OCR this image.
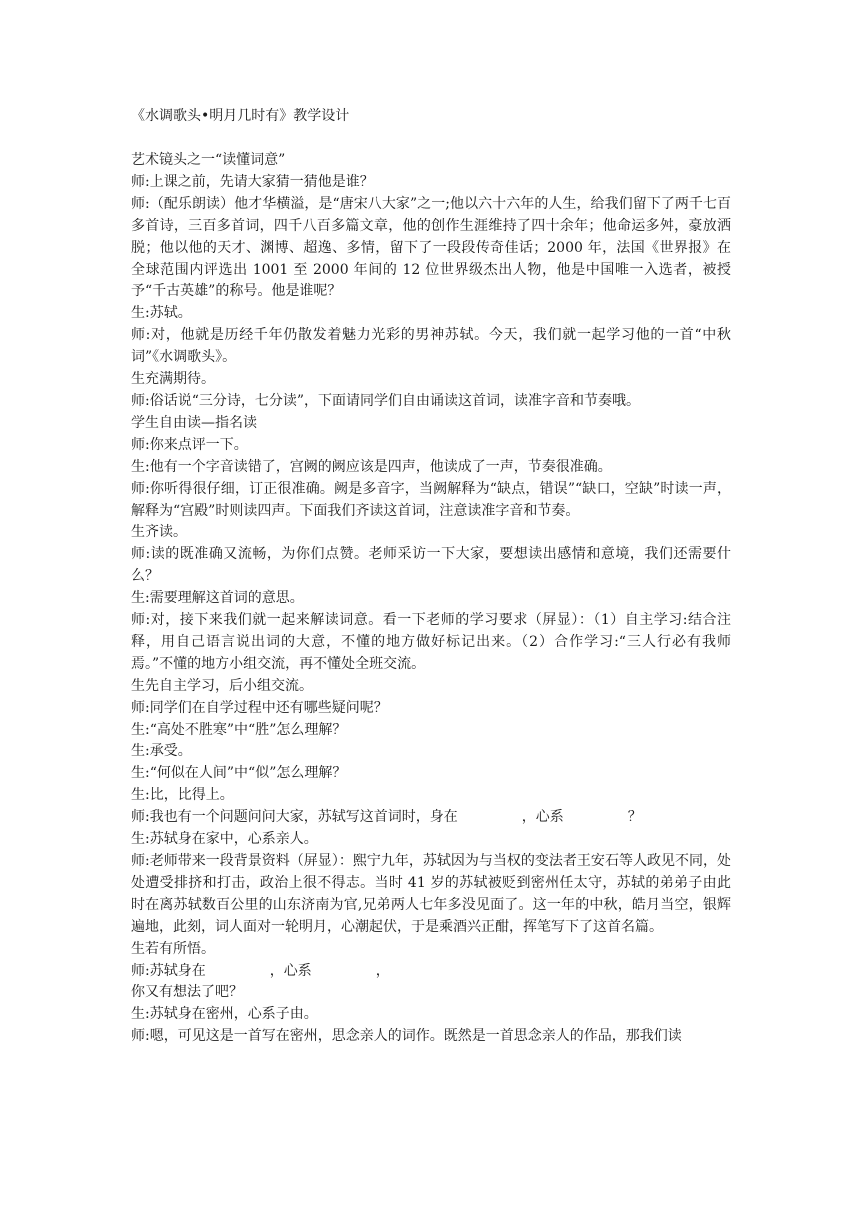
《水调歌头•明月几时有》教学设计

艺术镜头之一“读懂词意”

师:上课之前，先请大家猜一猜他是谁？

师:（配乐朗读）他才华横溢，是“唐宋八大家”之一;他以六十六年的人生，给我们留下了两千七百多首诗，三百多首词，四千八百多篇文章，他的创作生涯维持了四十余年；他命运多舛，豪放洒脱；他以他的天才、渊博、超逸、多情，留下了一段段传奇佳话；2000 年，法国《世界报》在全球范围内评选出 1001 至 2000 年间的 12 位世界级杰出人物，他是中国唯一入选者，被授予“千古英雄”的称号。他是谁呢？

生:苏轼。

师:对，他就是历经千年仍散发着魅力光彩的男神苏轼。今天，我们就一起学习他的一首“中秋词”《水调歌头》。

生充满期待。

师:俗话说“三分诗，七分读”，下面请同学们自由诵读这首词，读准字音和节奏哦。

学生自由读—指名读

师:你来点评一下。

生:他有一个字音读错了，宫阙的阙应该是四声，他读成了一声，节奏很准确。

师:你听得很仔细，订正很准确。阙是多音字，当阙解释为“缺点，错误”“缺口，空缺”时读一声，解释为“宫殿”时则读四声。下面我们齐读这首词，注意读准字音和节奏。

生齐读。

师:读的既准确又流畅，为你们点赞。老师采访一下大家，要想读出感情和意境，我们还需要什么？

生:需要理解这首词的意思。

师:对，接下来我们就一起来解读词意。看一下老师的学习要求（屏显）：（1）自主学习:结合注释，用自己语言说出词的大意，不懂的地方做好标记出来。（2）合作学习:“三人行必有我师焉。”不懂的地方小组交流，再不懂处全班交流。

生先自主学习，后小组交流。

师:同学们在自学过程中还有哪些疑问呢？

生:“高处不胜寒”中“胜”怎么理解？

生:承受。

生:“何似在人间”中“似”怎么理解？

生:比，比得上。

师:我也有一个问题问问大家，苏轼写这首词时，身在	，心系	？

生:苏轼身在家中，心系亲人。

师:老师带来一段背景资料（屏显）：熙宁九年，苏轼因为与当权的变法者王安石等人政见不同，处处遭受排挤和打击，政治上很不得志。当时 41 岁的苏轼被贬到密州任太守，苏轼的弟弟子由此时在离苏轼数百公里的山东济南为官,兄弟两人七年多没见面了。这一年的中秋，皓月当空，银辉遍地，此刻，词人面对一轮明月，心潮起伏，于是乘酒兴正酣，挥笔写下了这首名篇。

生若有所悟。

师:苏轼身在	，心系	，

你又有想法了吧？

生:苏轼身在密州，心系子由。

师:嗯，可见这是一首写在密州，思念亲人的词作。既然是一首思念亲人的作品，那我们读
